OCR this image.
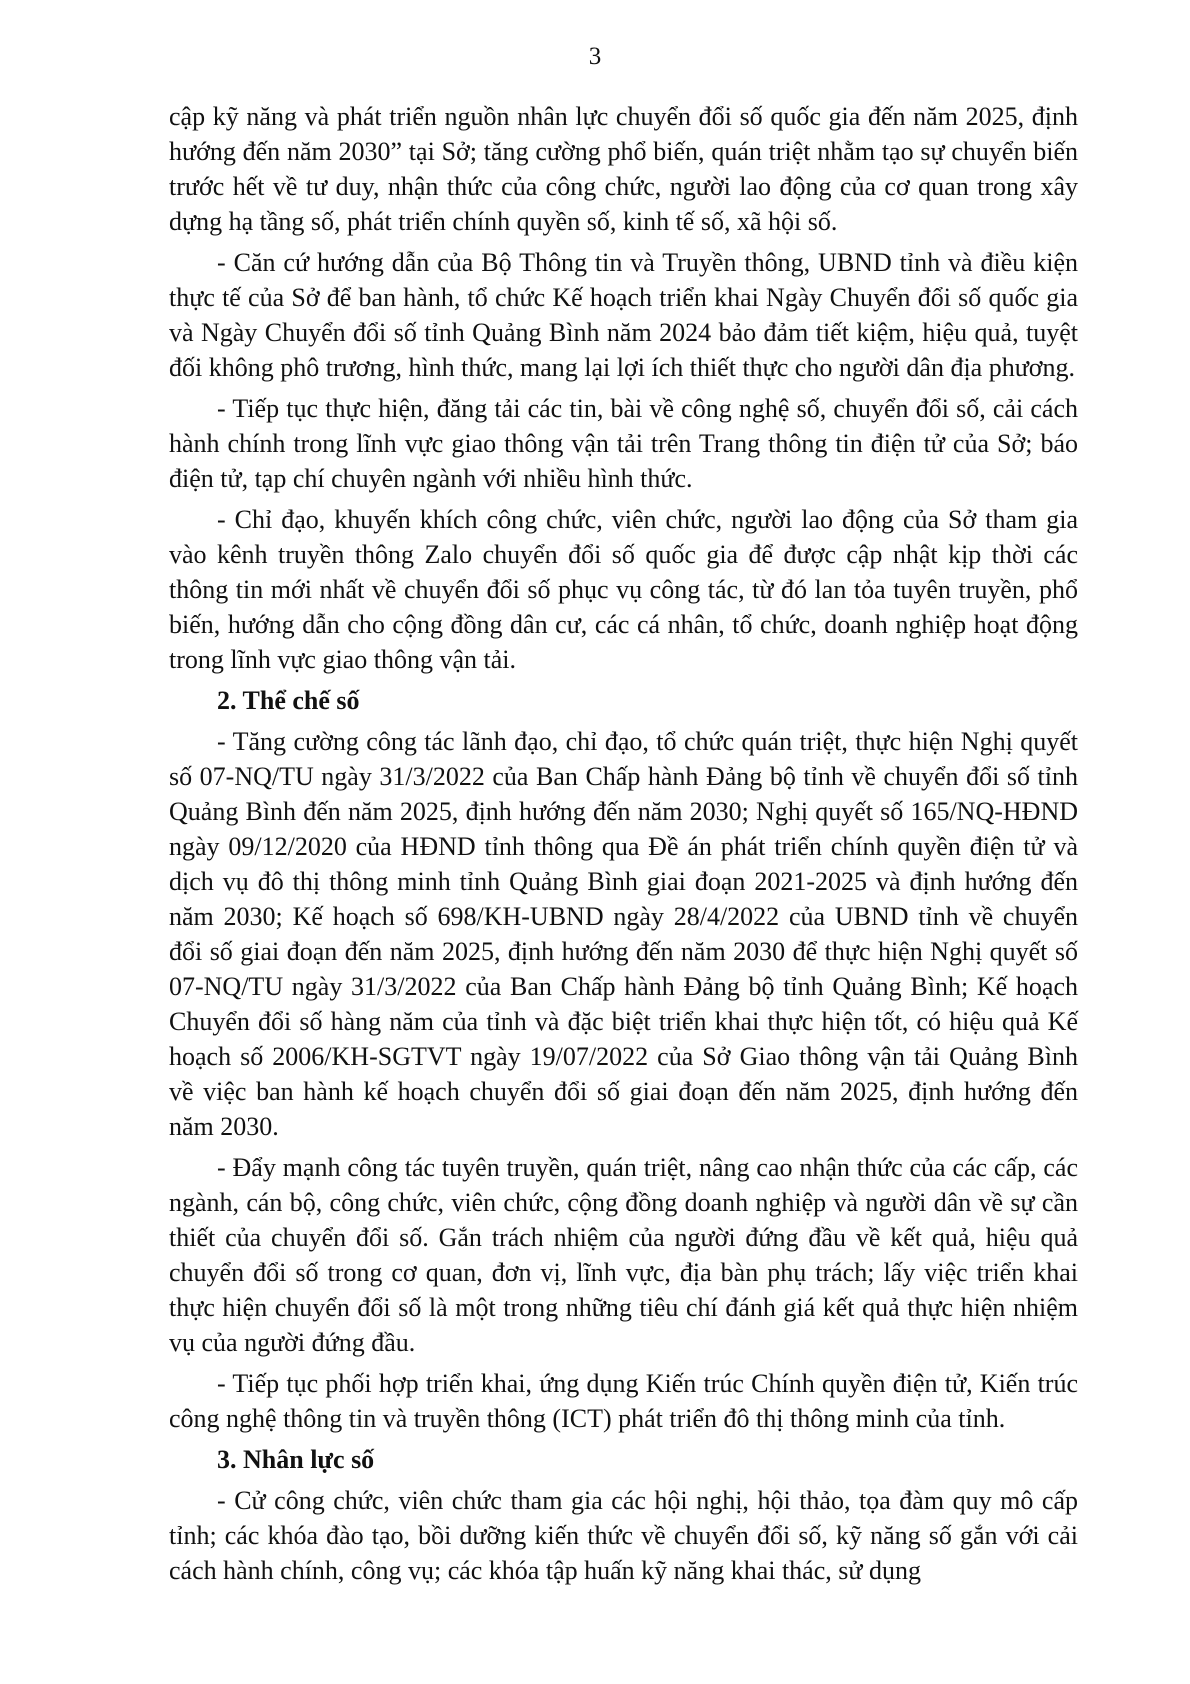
3

cập kỹ năng và phát triển nguồn nhân lực chuyển đổi số quốc gia đến năm 2025, định hướng đến năm 2030” tại Sở; tăng cường phổ biến, quán triệt nhằm tạo sự chuyển biến trước hết về tư duy, nhận thức của công chức, người lao động của cơ quan trong xây dựng hạ tầng số, phát triển chính quyền số, kinh tế số, xã hội số.

- Căn cứ hướng dẫn của Bộ Thông tin và Truyền thông, UBND tỉnh và điều kiện thực tế của Sở để ban hành, tổ chức Kế hoạch triển khai Ngày Chuyển đổi số quốc gia và Ngày Chuyển đổi số tỉnh Quảng Bình năm 2024 bảo đảm tiết kiệm, hiệu quả, tuyệt đối không phô trương, hình thức, mang lại lợi ích thiết thực cho người dân địa phương.

- Tiếp tục thực hiện, đăng tải các tin, bài về công nghệ số, chuyển đổi số, cải cách hành chính trong lĩnh vực giao thông vận tải trên Trang thông tin điện tử của Sở; báo điện tử, tạp chí chuyên ngành với nhiều hình thức.

- Chỉ đạo, khuyến khích công chức, viên chức, người lao động của Sở tham gia vào kênh truyền thông Zalo chuyển đổi số quốc gia để được cập nhật kịp thời các thông tin mới nhất về chuyển đổi số phục vụ công tác, từ đó lan tỏa tuyên truyền, phổ biến, hướng dẫn cho cộng đồng dân cư, các cá nhân, tổ chức, doanh nghiệp hoạt động trong lĩnh vực giao thông vận tải.

2. Thể chế số

- Tăng cường công tác lãnh đạo, chỉ đạo, tổ chức quán triệt, thực hiện Nghị quyết số 07-NQ/TU ngày 31/3/2022 của Ban Chấp hành Đảng bộ tỉnh về chuyển đổi số tỉnh Quảng Bình đến năm 2025, định hướng đến năm 2030; Nghị quyết số 165/NQ-HĐND ngày 09/12/2020 của HĐND tỉnh thông qua Đề án phát triển chính quyền điện tử và dịch vụ đô thị thông minh tỉnh Quảng Bình giai đoạn 2021-2025 và định hướng đến năm 2030; Kế hoạch số 698/KH-UBND ngày 28/4/2022 của UBND tỉnh về chuyển đổi số giai đoạn đến năm 2025, định hướng đến năm 2030 để thực hiện Nghị quyết số 07-NQ/TU ngày 31/3/2022 của Ban Chấp hành Đảng bộ tỉnh Quảng Bình; Kế hoạch Chuyển đổi số hàng năm của tỉnh và đặc biệt triển khai thực hiện tốt, có hiệu quả Kế hoạch số 2006/KH-SGTVT ngày 19/07/2022 của Sở Giao thông vận tải Quảng Bình về việc ban hành kế hoạch chuyển đổi số giai đoạn đến năm 2025, định hướng đến năm 2030.

- Đẩy mạnh công tác tuyên truyền, quán triệt, nâng cao nhận thức của các cấp, các ngành, cán bộ, công chức, viên chức, cộng đồng doanh nghiệp và người dân về sự cần thiết của chuyển đổi số. Gắn trách nhiệm của người đứng đầu về kết quả, hiệu quả chuyển đổi số trong cơ quan, đơn vị, lĩnh vực, địa bàn phụ trách; lấy việc triển khai thực hiện chuyển đổi số là một trong những tiêu chí đánh giá kết quả thực hiện nhiệm vụ của người đứng đầu.

- Tiếp tục phối hợp triển khai, ứng dụng Kiến trúc Chính quyền điện tử, Kiến trúc công nghệ thông tin và truyền thông (ICT) phát triển đô thị thông minh của tỉnh.

3. Nhân lực số

- Cử công chức, viên chức tham gia các hội nghị, hội thảo, tọa đàm quy mô cấp tỉnh; các khóa đào tạo, bồi dưỡng kiến thức về chuyển đổi số, kỹ năng số gắn với cải cách hành chính, công vụ; các khóa tập huấn kỹ năng khai thác, sử dụng
